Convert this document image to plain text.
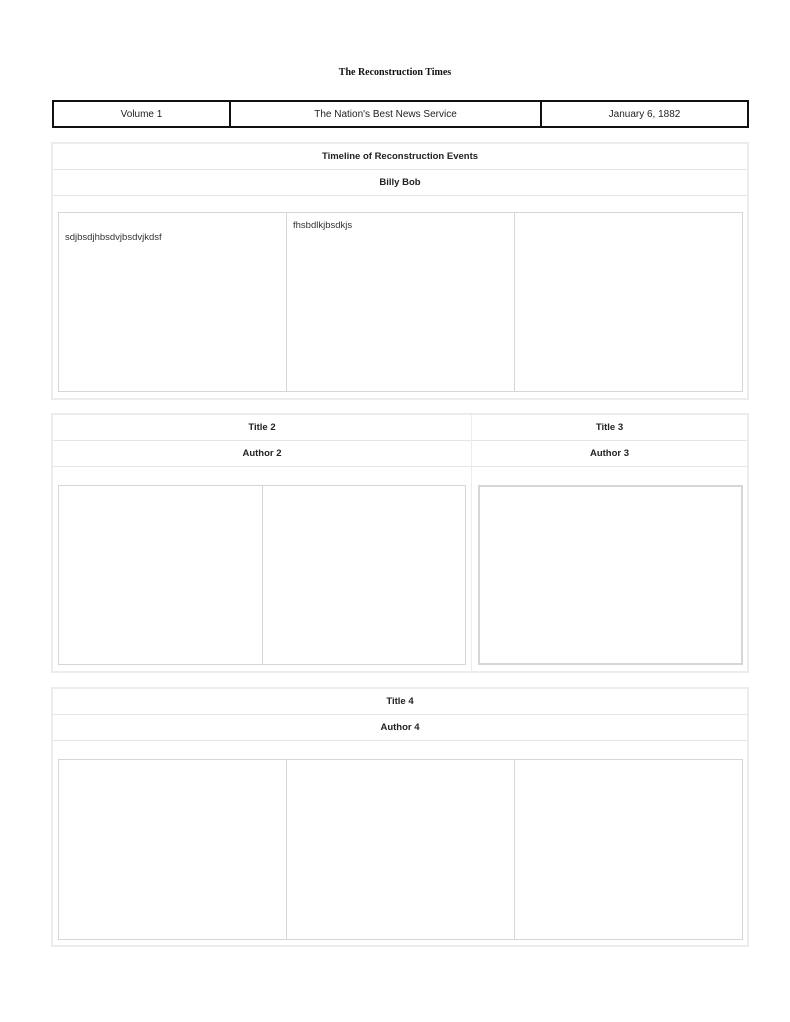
The Reconstruction Times
Volume 1	The Nation's Best News Service	January 6, 1882
Timeline of Reconstruction Events
Billy Bob
sdjbsdjhbsdvjbsdvjkdsf
fhsbdlkjbsdkjs
Title 2
Author 2
Title 3
Author 3
Title 4
Author 4
